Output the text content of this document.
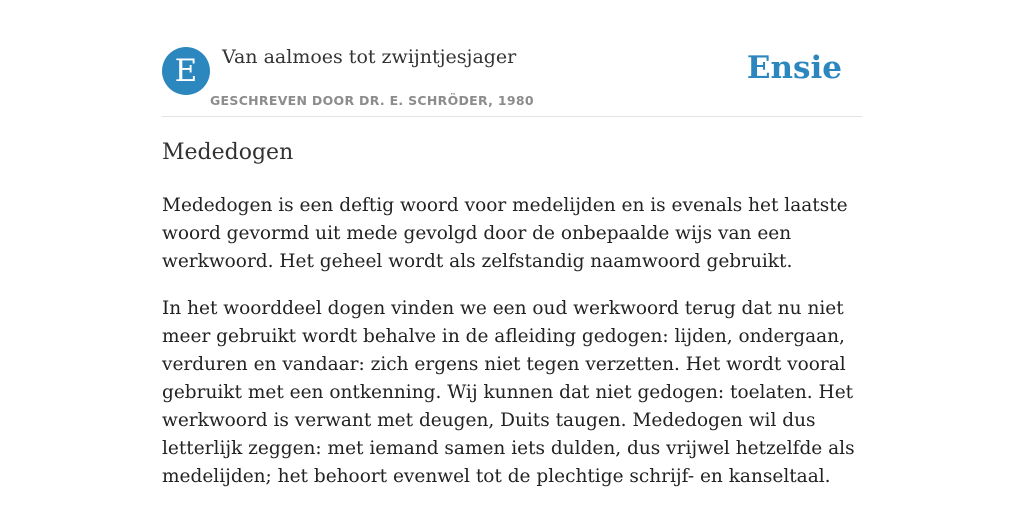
E	Van aalmoes tot zwijntjesjager
GESCHREVEN DOOR DR. E. SCHRÖDER, 1980
Ensie
Mededogen

Mededogen is een deftig woord voor medelijden en is evenals het laatste woord gevormd uit mede gevolgd door de onbepaalde wijs van een werkwoord. Het geheel wordt als zelfstandig naamwoord gebruikt.

In het woorddeel dogen vinden we een oud werkwoord terug dat nu niet meer gebruikt wordt behalve in de afleiding gedogen: lijden, ondergaan, verduren en vandaar: zich ergens niet tegen verzetten. Het wordt vooral gebruikt met een ontkenning. Wij kunnen dat niet gedogen: toelaten. Het werkwoord is verwant met deugen, Duits taugen. Mededogen wil dus letterlijk zeggen: met iemand samen iets dulden, dus vrijwel hetzelfde als medelijden; het behoort evenwel tot de plechtige schrijf- en kanseltaal.
